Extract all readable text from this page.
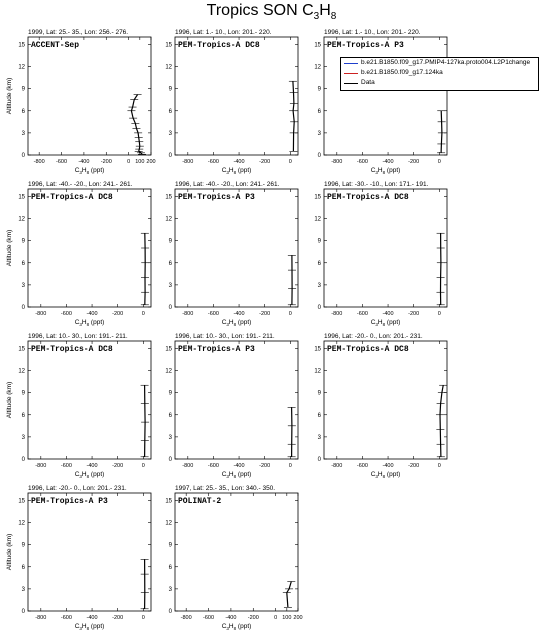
Tropics SON $C_3H_8$
1999, Lat: 25.- 35., Lon: 256.- 276.
0
3
6
9
12
15
-800 -600 -400 -200	0 100 200
Altitude (km)
$C_3H_8$ (ppt)
ACCENT-Sep
1996, Lat: 1.- 10., Lon: 201.- 220.
0
3
6
9
12
15
-800	-600	-400	-200	0
$C_3H_8$ (ppt)
PEM-Tropics-A DC8
1996, Lat: 1.- 10., Lon: 201.- 220.
0
3
6
9
12
15
-800	-600	-400	-200	0
$C_3H_8$ (ppt)
PEM-Tropics-A P3
1996, Lat: -40.- -20., Lon: 241.- 261.
0
3
6
9
12
15
-800	-600	-400	-200	0
Altitude (km)
$C_3H_8$ (ppt)
PEM-Tropics-A DC8
1996, Lat: -40.- -20., Lon: 241.- 261.
0
3
6
9
12
15
-800	-600	-400	-200	0
$C_3H_8$ (ppt)
PEM-Tropics-A P3
1996, Lat: -30.- -10., Lon: 171.- 191.
0
3
6
9
12
15
-800	-600	-400	-200	0
$C_3H_8$ (ppt)
PEM-Tropics-A DC8
1996, Lat: 10.- 30., Lon: 191.- 211.
0
3
6
9
12
15
-800	-600	-400	-200	0
Altitude (km)
$C_3H_8$ (ppt)
PEM-Tropics-A DC8
1996, Lat: 10.- 30., Lon: 191.- 211.
0
3
6
9
12
15
-800	-600	-400	-200	0
$C_3H_8$ (ppt)
PEM-Tropics-A P3
1996, Lat: -20.- 0., Lon: 201.- 231.
0
3
6
9
12
15
-800	-600	-400	-200	0
$C_3H_8$ (ppt)
PEM-Tropics-A DC8
1996, Lat: -20.- 0., Lon: 201.- 231.
0
3
6
9
12
15
-800	-600	-400	-200	0
Altitude (km)
$C_3H_8$ (ppt)
PEM-Tropics-A P3
1997, Lat: 25.- 35., Lon: 340.- 350.
0
3
6
9
12
15
-800 -600 -400 -200	0 100 200
$C_3H_8$ (ppt)
POLINAT-2
b.e21.B1850.f09_g17.PMIP4-127ka.proto004.L2P1change
b.e21.B1850.f09_g17.124ka
Data
